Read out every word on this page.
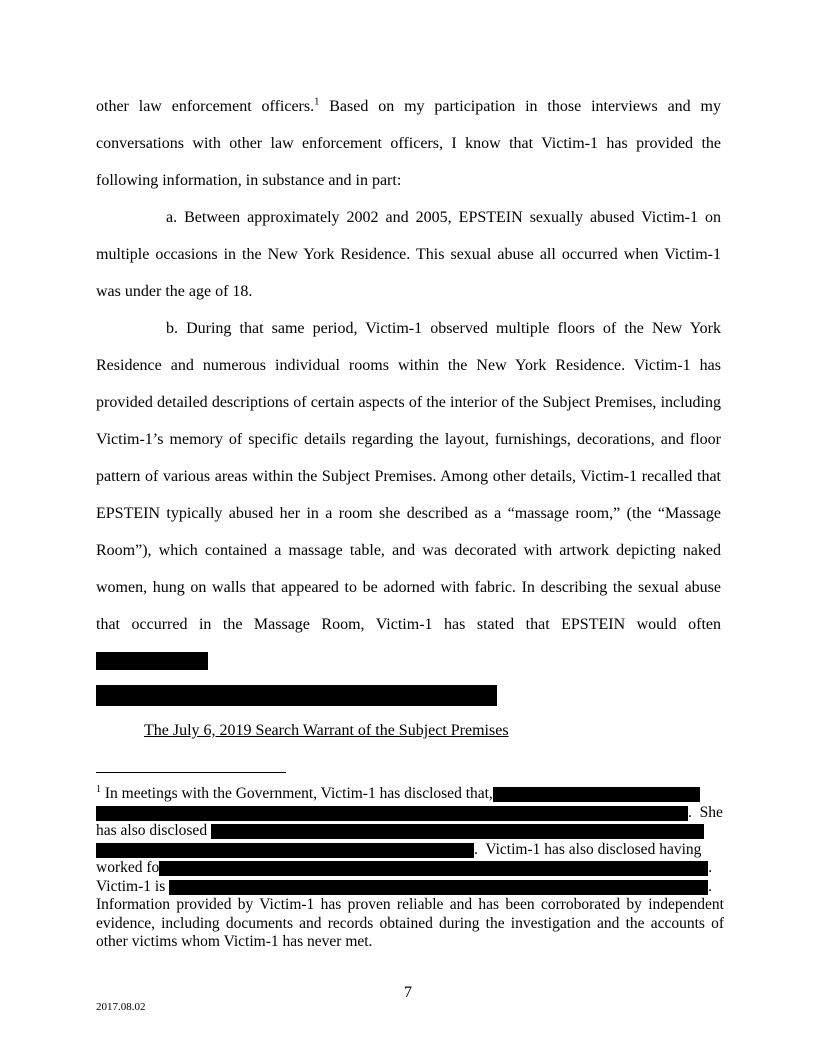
other law enforcement officers.$^1$ Based on my participation in those interviews and my conversations with other law enforcement officers, I know that Victim-1 has provided the following information, in substance and in part:

a. Between approximately 2002 and 2005, EPSTEIN sexually abused Victim-1 on multiple occasions in the New York Residence. This sexual abuse all occurred when Victim-1 was under the age of 18.

b. During that same period, Victim-1 observed multiple floors of the New York Residence and numerous individual rooms within the New York Residence. Victim-1 has provided detailed descriptions of certain aspects of the interior of the Subject Premises, including Victim-1’s memory of specific details regarding the layout, furnishings, decorations, and floor pattern of various areas within the Subject Premises. Among other details, Victim-1 recalled that EPSTEIN typically abused her in a room she described as a “massage room,” (the “Massage Room”), which contained a massage table, and was decorated with artwork depicting naked women, hung on walls that appeared to be adorned with fabric. In describing the sexual abuse that occurred in the Massage Room, Victim-1 has stated that EPSTEIN would often

The July 6, 2019 Search Warrant of the Subject Premises

$^1$ In meetings with the Government, Victim-1 has disclosed that,
.  She
has also disclosed
.  Victim-1 has also disclosed having
worked fo	.
Victim-1 is	.
Information provided by Victim-1 has proven reliable and has been corroborated by independent evidence, including documents and records obtained during the investigation and the accounts of other victims whom Victim-1 has never met.
7
2017.08.02
